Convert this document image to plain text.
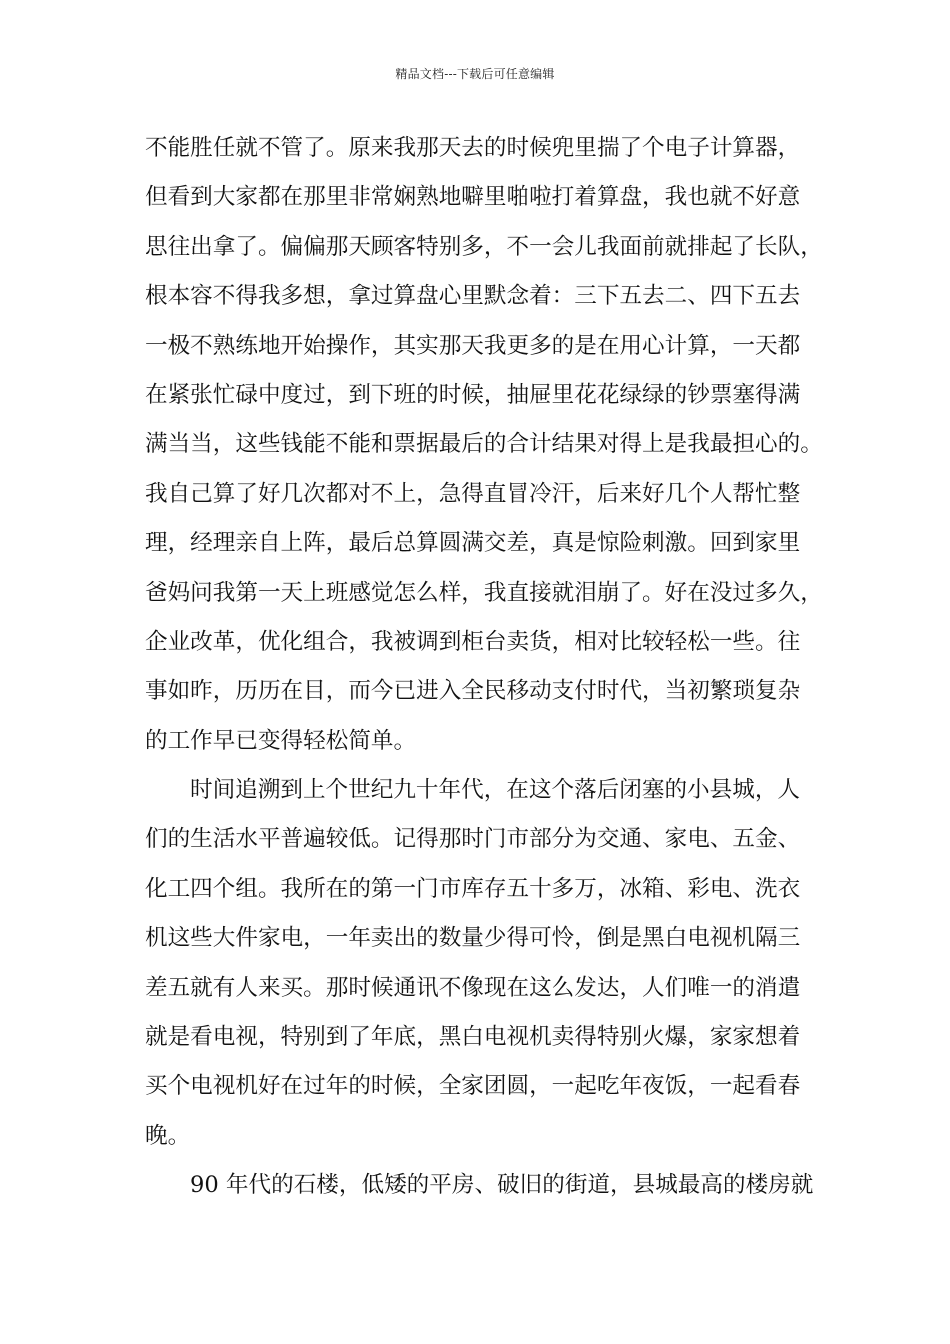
精品文档---下载后可任意编辑
不能胜任就不管了。原来我那天去的时候兜里揣了个电子计算器，
但看到大家都在那里非常娴熟地噼里啪啦打着算盘，我也就不好意
思往出拿了。偏偏那天顾客特别多，不一会儿我面前就排起了长队，
根本容不得我多想，拿过算盘心里默念着：三下五去二、四下五去
一极不熟练地开始操作，其实那天我更多的是在用心计算，一天都
在紧张忙碌中度过，到下班的时候，抽屉里花花绿绿的钞票塞得满
满当当，这些钱能不能和票据最后的合计结果对得上是我最担心的。
我自己算了好几次都对不上，急得直冒冷汗，后来好几个人帮忙整
理，经理亲自上阵，最后总算圆满交差，真是惊险刺激。回到家里
爸妈问我第一天上班感觉怎么样，我直接就泪崩了。好在没过多久，
企业改革，优化组合，我被调到柜台卖货，相对比较轻松一些。往
事如昨，历历在目，而今已进入全民移动支付时代，当初繁琐复杂
的工作早已变得轻松简单。
时间追溯到上个世纪九十年代，在这个落后闭塞的小县城，人
们的生活水平普遍较低。记得那时门市部分为交通、家电、五金、
化工四个组。我所在的第一门市库存五十多万，冰箱、彩电、洗衣
机这些大件家电，一年卖出的数量少得可怜，倒是黑白电视机隔三
差五就有人来买。那时候通讯不像现在这么发达，人们唯一的消遣
就是看电视，特别到了年底，黑白电视机卖得特别火爆，家家想着
买个电视机好在过年的时候，全家团圆，一起吃年夜饭，一起看春
晚。
90 年代的石楼，低矮的平房、破旧的街道，县城最高的楼房就
